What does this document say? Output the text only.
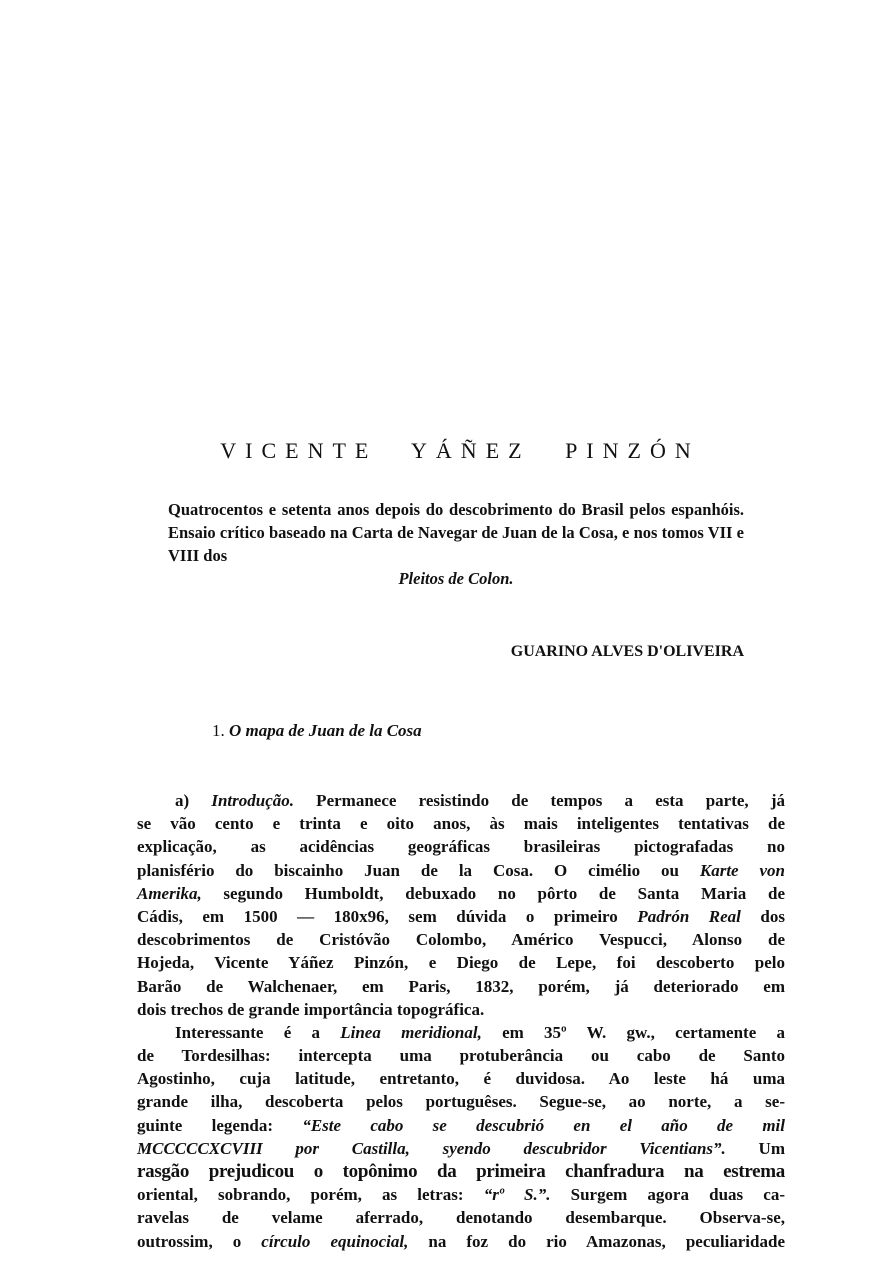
VICENTE YÁÑEZ PINZÓN
Quatrocentos e setenta anos depois do descobrimento do Brasil pelos espanhóis. Ensaio crítico baseado na Carta de Navegar de Juan de la Cosa, e nos tomos VII e VIII dos
Pleitos de Colon.
GUARINO ALVES D'OLIVEIRA
1. O mapa de Juan de la Cosa
a) Introdução. Permanece resistindo de tempos a esta parte, já
se vão cento e trinta e oito anos, às mais inteligentes tentativas de
explicação, as acidências geográficas brasileiras pictografadas no
planisfério do biscainho Juan de la Cosa. O cimélio ou Karte von
Amerika, segundo Humboldt, debuxado no pôrto de Santa Maria de
Cádis, em 1500 — 180x96, sem dúvida o primeiro Padrón Real dos
descobrimentos de Cristóvão Colombo, Américo Vespucci, Alonso de
Hojeda, Vicente Yáñez Pinzón, e Diego de Lepe, foi descoberto pelo
Barão de Walchenaer, em Paris, 1832, porém, já deteriorado em
dois trechos de grande importância topográfica.
Interessante é a Linea meridional, em 35º W. gw., certamente a
de Tordesilhas: intercepta uma protuberância ou cabo de Santo
Agostinho, cuja latitude, entretanto, é duvidosa. Ao leste há uma
grande ilha, descoberta pelos portuguêses. Segue-se, ao norte, a se-
guinte legenda: “Este cabo se descubrió en el año de mil
MCCCCCXCVIII por Castilla, syendo descubridor Vicentians”. Um
rasgão prejudicou o topônimo da primeira chanfradura na estrema
oriental, sobrando, porém, as letras: “rº S.”. Surgem agora duas ca-
ravelas de velame aferrado, denotando desembarque. Observa-se,
outrossim, o círculo equinocial, na foz do rio Amazonas, peculiaridade
